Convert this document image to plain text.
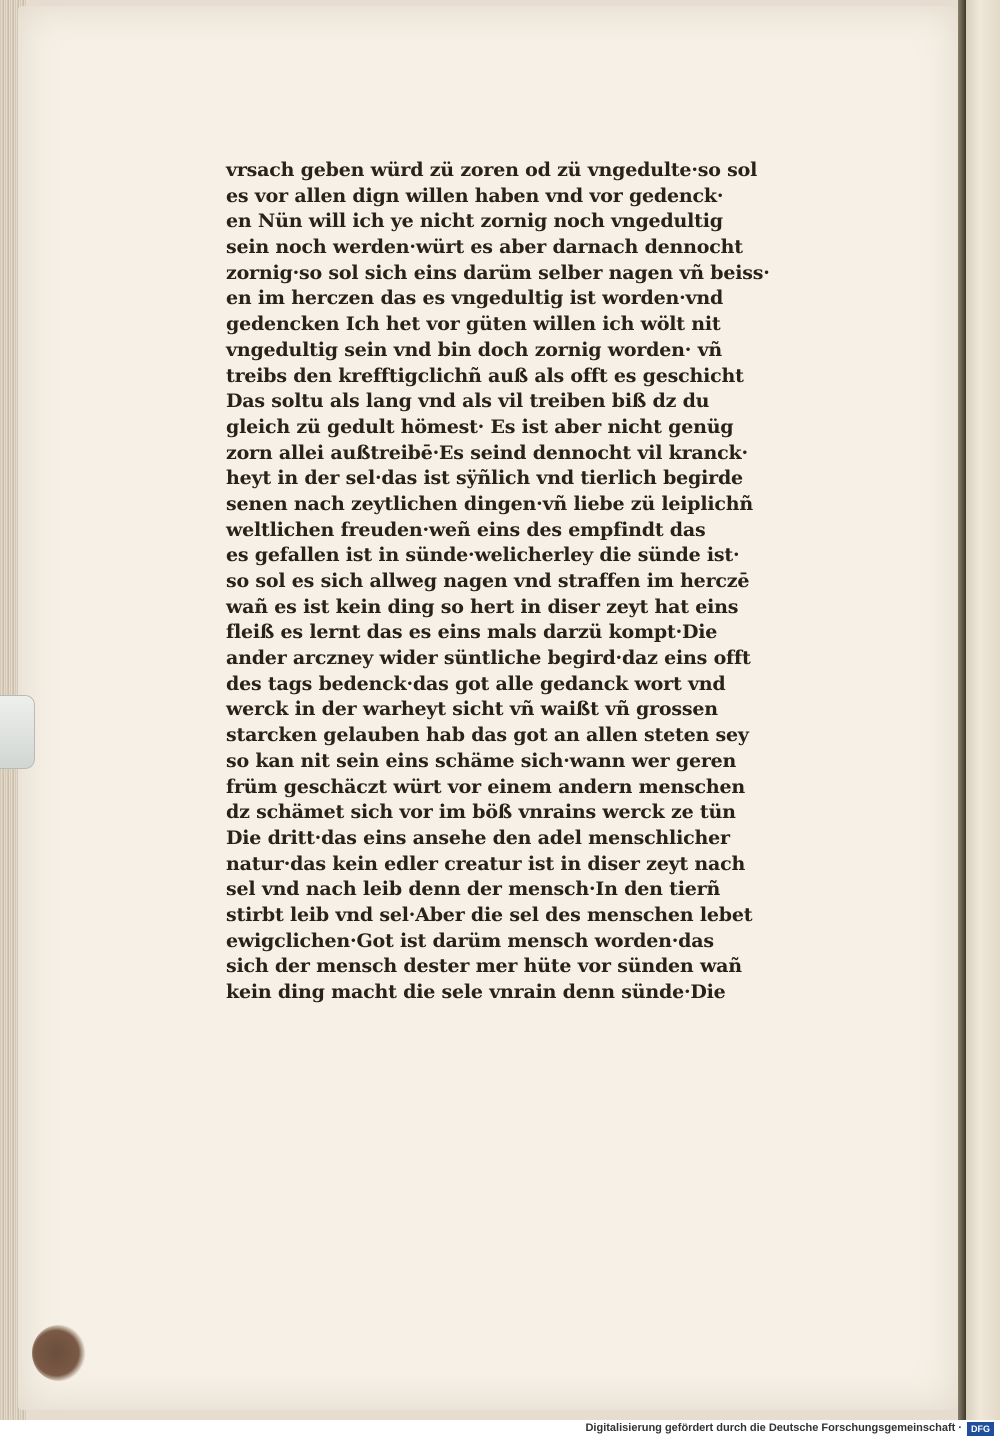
vrsach geben würd zü zoren od zü vngedulte·so sol
es vor allen dign willen haben vnd vor gedenck·
en Nün will ich ye nicht zornig noch vngedultig
sein noch werden·würt es aber darnach dennocht
zornig·so sol sich eins darüm selber nagen vñ beiss·
en im herczen das es vngedultig ist worden·vnd
gedencken Ich het vor güten willen ich wölt nit
vngedultig sein vnd bin doch zornig worden· vñ
treibs den krefftigclichñ auß als offt es geschicht
Das soltu als lang vnd als vil treiben biß dz du
gleich zü gedult hömest· Es ist aber nicht genüg
zorn allei außtreibē·Es seind dennocht vil kranck·
heyt in der sel·das ist sÿñlich vnd tierlich begirde
senen nach zeytlichen dingen·vñ liebe zü leiplichñ
weltlichen freuden·weñ eins des empfindt das
es gefallen ist in sünde·welicherley die sünde ist·
so sol es sich allweg nagen vnd straffen im herczē
wañ es ist kein ding so hert in diser zeyt hat eins
fleiß es lernt das es eins mals darzü kompt·Die
ander arczney wider süntliche begird·daz eins offt
des tags bedenck·das got alle gedanck wort vnd
werck in der warheyt sicht vñ waißt vñ grossen
starcken gelauben hab das got an allen steten sey
so kan nit sein eins schäme sich·wann wer geren
früm geschäczt würt vor einem andern menschen
dz schämet sich vor im böß vnrains werck ze tün
Die dritt·das eins ansehe den adel menschlicher
natur·das kein edler creatur ist in diser zeyt nach
sel vnd nach leib denn der mensch·In den tierñ
stirbt leib vnd sel·Aber die sel des menschen lebet
ewigclichen·Got ist darüm mensch worden·das
sich der mensch dester mer hüte vor sünden wañ
kein ding macht die sele vnrain denn sünde·Die
Digitalisierung gefördert durch die Deutsche Forschungsgemeinschaft ·	DFG
